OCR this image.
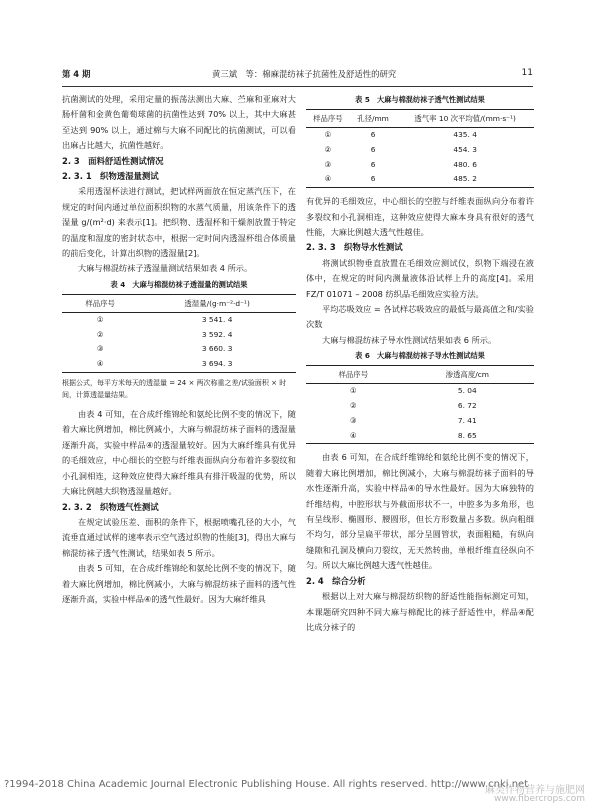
第 4 期	黄三斌　等：棉麻混纺袜子抗菌性及舒适性的研究	11

抗菌测试的处理，采用定量的振荡法测出大麻、苎麻和亚麻对大肠杆菌和金黄色葡萄球菌的抗菌性达到 70% 以上，其中大麻甚至达到 90% 以上，通过棉与大麻不同配比的抗菌测试，可以看出麻占比越大，抗菌性越好。

2. 3　面料舒适性测试情况

2. 3. 1　织物透湿量测试

采用透湿杯法进行测试，把试样两面放在恒定蒸汽压下，在规定的时间内通过单位面积织物的水蒸气质量，用该条件下的透湿量 g/(m²·d) 来表示[1]。把织物、透湿杯和干燥剂放置于特定的温度和湿度的密封状态中，根据一定时间内透湿杯组合体质量的前后变化，计算出织物的透湿量[2]。

大麻与棉混纺袜子透湿量测试结果如表 4 所示。

表 4　大麻与棉混纺袜子透湿量的测试结果
样品序号	透湿量/(g·m⁻²·d⁻¹)
①	3 541. 4
②	3 592. 4
③	3 660. 3
④	3 694. 3
根据公式，每平方米每天的透湿量 = 24 × 两次称重之差/试验面积 × 时间，计算透湿量结果。

由表 4 可知，在合成纤维锦纶和氨纶比例不变的情况下，随着大麻比例增加，棉比例减小，大麻与棉混纺袜子面料的透湿量逐渐升高，实验中样品④的透湿量较好。因为大麻纤维具有优异的毛细效应，中心细长的空腔与纤维表面纵向分布着许多裂纹和小孔洞相连，这种效应使得大麻纤维具有排汗吸湿的优势，所以大麻比例越大织物透湿量越好。

2. 3. 2　织物透气性测试

在规定试验压差、面积的条件下，根据喷嘴孔径的大小，气流垂直通过试样的速率表示空气透过织物的性能[3]，得出大麻与棉混纺袜子透气性测试，结果如表 5 所示。

由表 5 可知，在合成纤维锦纶和氨纶比例不变的情况下，随着大麻比例增加，棉比例减小，大麻与棉混纺袜子面料的透气性逐渐升高，实验中样品④的透气性最好。因为大麻纤维具

表 5　大麻与棉混纺袜子透气性测试结果
样品序号	孔径/mm	透气率 10 次平均值/(mm·s⁻¹)
①	6	435. 4
②	6	454. 3
③	6	480. 6
④	6	485. 2

有优异的毛细效应，中心细长的空腔与纤维表面纵向分布着许多裂纹和小孔洞相连，这种效应使得大麻本身具有很好的透气性能，大麻比例越大透气性越佳。

2. 3. 3　织物导水性测试

将测试织物垂直放置在毛细效应测试仪，织物下端浸在液体中，在规定的时间内测量液体沿试样上升的高度[4]。采用 FZ/T 01071 – 2008 纺织品毛细效应实验方法。

平均芯吸效应 = 各试样芯吸效应的最低与最高值之和/实验次数

大麻与棉混纺袜子导水性测试结果如表 6 所示。

表 6　大麻与棉混纺袜子导水性测试结果
样品序号	渗透高度/cm
①	5. 04
②	6. 72
③	7. 41
④	8. 65

由表 6 可知，在合成纤维锦纶和氨纶比例不变的情况下，随着大麻比例增加，棉比例减小，大麻与棉混纺袜子面料的导水性逐渐升高，实验中样品④的导水性最好。因为大麻独特的纤维结构，中腔形状与外截面形状不一，中腔多为多角形，也有呈线形、椭圆形、腰圆形，但长方形数量占多数。纵向粗细不均匀，部分呈扁平带状，部分呈圆管状，表面粗糙，有纵向缝隙和孔洞及横向刀裂纹，无天然转曲，单根纤维直径纵向不匀。所以大麻比例越大透气性越佳。

2. 4　综合分析

根据以上对大麻与棉混纺织物的舒适性能指标测定可知，本课题研究四种不同大麻与棉配比的袜子舒适性中，样品④配比成分袜子的

?1994-2018 China Academic Journal Electronic Publishing House. All rights reserved. http://www.cnki.net
麻类作物营养与施肥网
www.fibercrops.com
